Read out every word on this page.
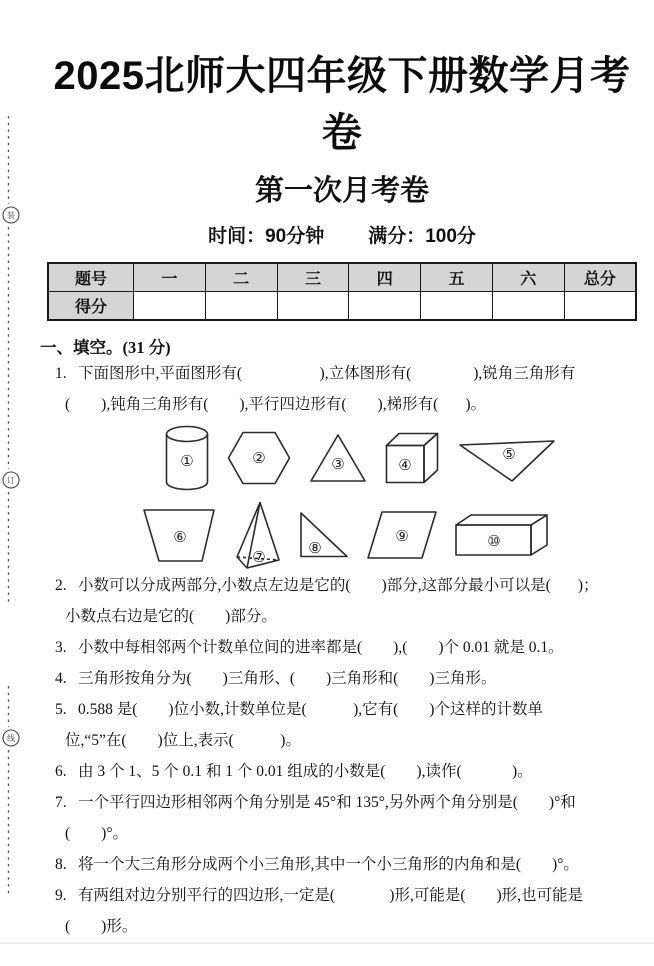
装
订
线
2025北师大四年级下册数学月考卷
第一次月考卷
时间：90分钟 满分：100分
题号	一	二	三	四	五	六	总分
得分							
一、填空。(31 分)
1. 下面图形中,平面图形有(                    ),立体图形有(                ),锐角三角形有
(        ),钝角三角形有(        ),平行四边形有(        ),梯形有(       )。
①	②	③	④
⑤
⑥
⑦	⑧
⑨	⑩
2. 小数可以分成两部分,小数点左边是它的(        )部分,这部分最小可以是(       )；
小数点右边是它的(        )部分。
3. 小数中每相邻两个计数单位间的进率都是(        ),(        )个 0.01 就是 0.1。
4. 三角形按角分为(        )三角形、(        )三角形和(        )三角形。
5. 0.588 是(        )位小数,计数单位是(            ),它有(        )个这样的计数单
位,“5”在(        )位上,表示(            )。
6. 由 3 个 1、5 个 0.1 和 1 个 0.01 组成的小数是(        ),读作(             )。
7. 一个平行四边形相邻两个角分别是 45°和 135°,另外两个角分别是(        )°和
(        )°。
8. 将一个大三角形分成两个小三角形,其中一个小三角形的内角和是(        )°。
9. 有两组对边分别平行的四边形,一定是(              )形,可能是(        )形,也可能是
(        )形。
